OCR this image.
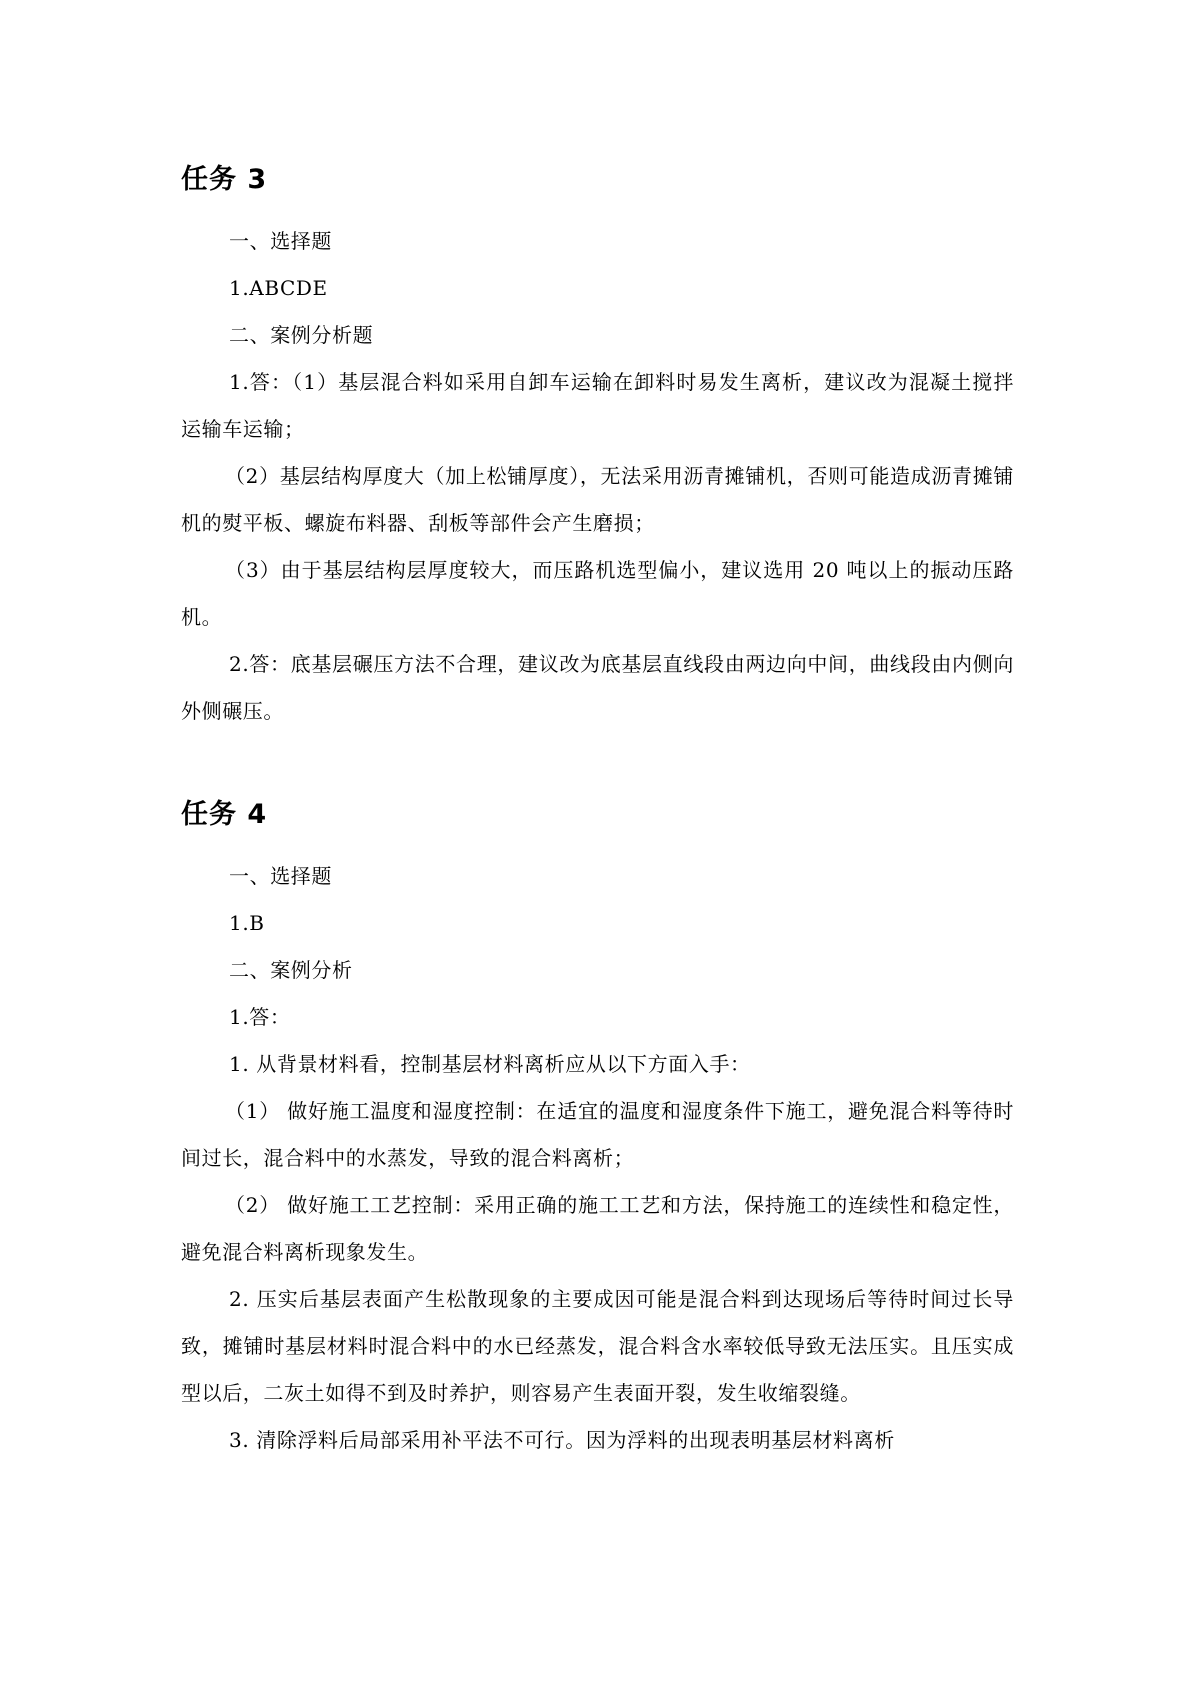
任务 3

一、选择题

1.ABCDE

二、案例分析题

1.答：（1）基层混合料如采用自卸车运输在卸料时易发生离析，建议改为混凝土搅拌运输车运输；

（2）基层结构厚度大（加上松铺厚度），无法采用沥青摊铺机，否则可能造成沥青摊铺机的熨平板、螺旋布料器、刮板等部件会产生磨损；

（3）由于基层结构层厚度较大，而压路机选型偏小，建议选用 20 吨以上的振动压路机。

2.答：底基层碾压方法不合理，建议改为底基层直线段由两边向中间，曲线段由内侧向外侧碾压。

任务 4

一、选择题

1.B

二、案例分析

1.答：

1. 从背景材料看，控制基层材料离析应从以下方面入手：

（1） 做好施工温度和湿度控制：在适宜的温度和湿度条件下施工，避免混合料等待时间过长，混合料中的水蒸发，导致的混合料离析；

（2） 做好施工工艺控制：采用正确的施工工艺和方法，保持施工的连续性和稳定性，避免混合料离析现象发生。

2. 压实后基层表面产生松散现象的主要成因可能是混合料到达现场后等待时间过长导致，摊铺时基层材料时混合料中的水已经蒸发，混合料含水率较低导致无法压实。且压实成型以后，二灰土如得不到及时养护，则容易产生表面开裂，发生收缩裂缝。

3. 清除浮料后局部采用补平法不可行。因为浮料的出现表明基层材料离析
